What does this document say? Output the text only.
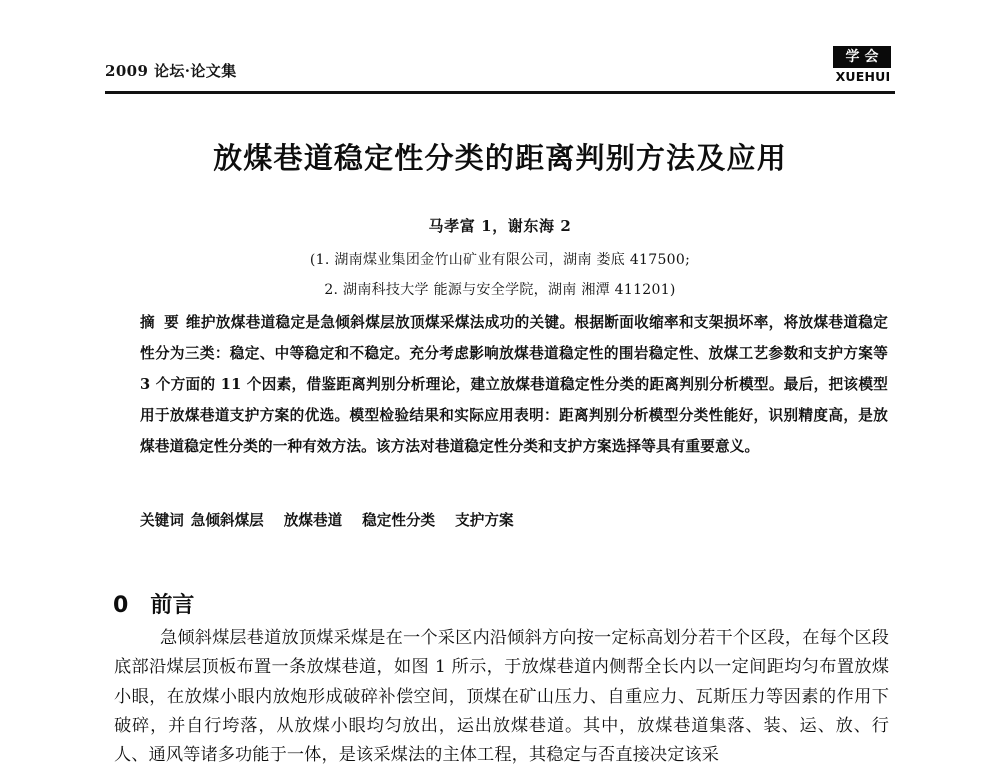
2009 论坛·论文集
学会
XUEHUI
放煤巷道稳定性分类的距离判别方法及应用
马孝富 1，谢东海 2
(1. 湖南煤业集团金竹山矿业有限公司，湖南 娄底 417500;
2. 湖南科技大学 能源与安全学院，湖南 湘潭 411201)
摘 要 维护放煤巷道稳定是急倾斜煤层放顶煤采煤法成功的关键。根据断面收缩率和支架损坏率，将放煤巷道稳定性分为三类：稳定、中等稳定和不稳定。充分考虑影响放煤巷道稳定性的围岩稳定性、放煤工艺参数和支护方案等 3 个方面的 11 个因素，借鉴距离判别分析理论，建立放煤巷道稳定性分类的距离判别分析模型。最后，把该模型用于放煤巷道支护方案的优选。模型检验结果和实际应用表明：距离判别分析模型分类性能好，识别精度高，是放煤巷道稳定性分类的一种有效方法。该方法对巷道稳定性分类和支护方案选择等具有重要意义。
关键词 急倾斜煤层 放煤巷道 稳定性分类 支护方案
0 前言
急倾斜煤层巷道放顶煤采煤是在一个采区内沿倾斜方向按一定标高划分若干个区段，在每个区段底部沿煤层顶板布置一条放煤巷道，如图 1 所示，于放煤巷道内侧帮全长内以一定间距均匀布置放煤小眼，在放煤小眼内放炮形成破碎补偿空间，顶煤在矿山压力、自重应力、瓦斯压力等因素的作用下破碎，并自行垮落，从放煤小眼均匀放出，运出放煤巷道。其中，放煤巷道集落、装、运、放、行人、通风等诸多功能于一体，是该采煤法的主体工程，其稳定与否直接决定该采
